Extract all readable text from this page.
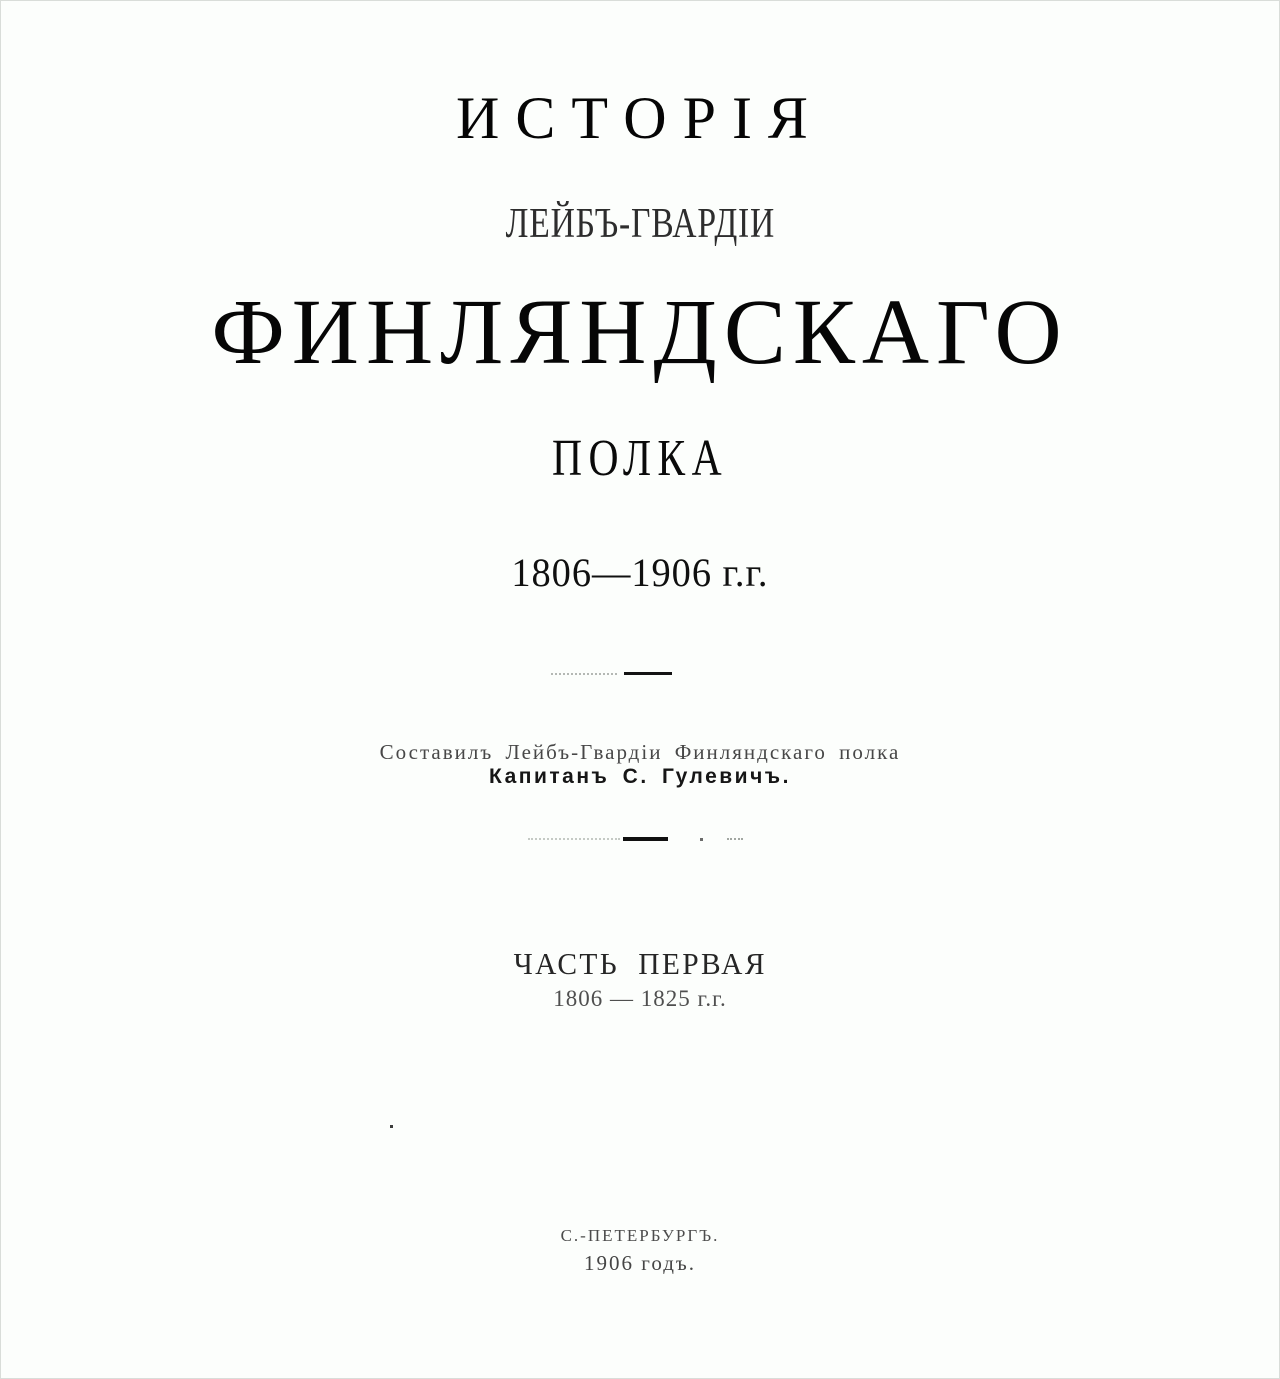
ИСТОРІЯ
ЛЕЙБЪ-ГВАРДІИ
ФИНЛЯНДСКАГО
ПОЛКА
1806—1906 г.г.
Составилъ Лейбъ-Гвардіи Финляндскаго полка
Капитанъ С. Гулевичъ.
ЧАСТЬ ПЕРВАЯ
1806 — 1825 г.г.
С.-ПЕТЕРБУРГЪ.
1906 годъ.
